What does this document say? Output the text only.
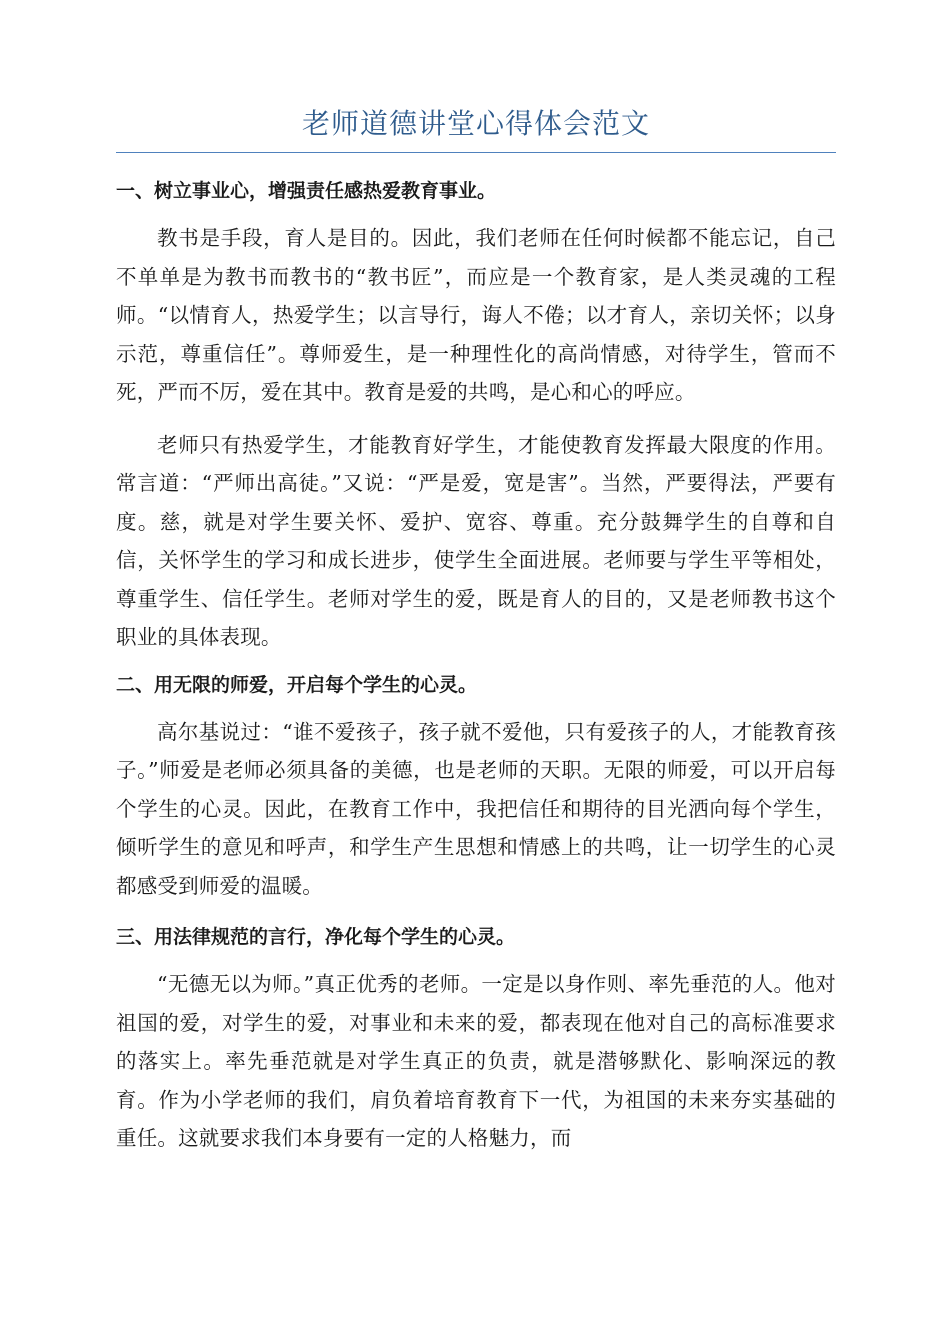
老师道德讲堂心得体会范文

一、树立事业心，增强责任感热爱教育事业。

教书是手段，育人是目的。因此，我们老师在任何时候都不能忘记，自己不单单是为教书而教书的“教书匠”，而应是一个教育家，是人类灵魂的工程师。“以情育人，热爱学生；以言导行，诲人不倦；以才育人，亲切关怀；以身示范，尊重信任”。尊师爱生，是一种理性化的高尚情感，对待学生，管而不死，严而不厉，爱在其中。教育是爱的共鸣，是心和心的呼应。

老师只有热爱学生，才能教育好学生，才能使教育发挥最大限度的作用。常言道：“严师出高徒。”又说：“严是爱，宽是害”。当然，严要得法，严要有度。慈，就是对学生要关怀、爱护、宽容、尊重。充分鼓舞学生的自尊和自信，关怀学生的学习和成长进步，使学生全面进展。老师要与学生平等相处，尊重学生、信任学生。老师对学生的爱，既是育人的目的，又是老师教书这个职业的具体表现。

二、用无限的师爱，开启每个学生的心灵。

高尔基说过：“谁不爱孩子，孩子就不爱他，只有爱孩子的人，才能教育孩子。”师爱是老师必须具备的美德，也是老师的天职。无限的师爱，可以开启每个学生的心灵。因此，在教育工作中，我把信任和期待的目光洒向每个学生，倾听学生的意见和呼声，和学生产生思想和情感上的共鸣，让一切学生的心灵都感受到师爱的温暖。

三、用法律规范的言行，净化每个学生的心灵。

“无德无以为师。”真正优秀的老师。一定是以身作则、率先垂范的人。他对祖国的爱，对学生的爱，对事业和未来的爱，都表现在他对自己的高标准要求的落实上。率先垂范就是对学生真正的负责，就是潜够默化、影响深远的教育。作为小学老师的我们，肩负着培育教育下一代，为祖国的未来夯实基础的重任。这就要求我们本身要有一定的人格魅力，而
